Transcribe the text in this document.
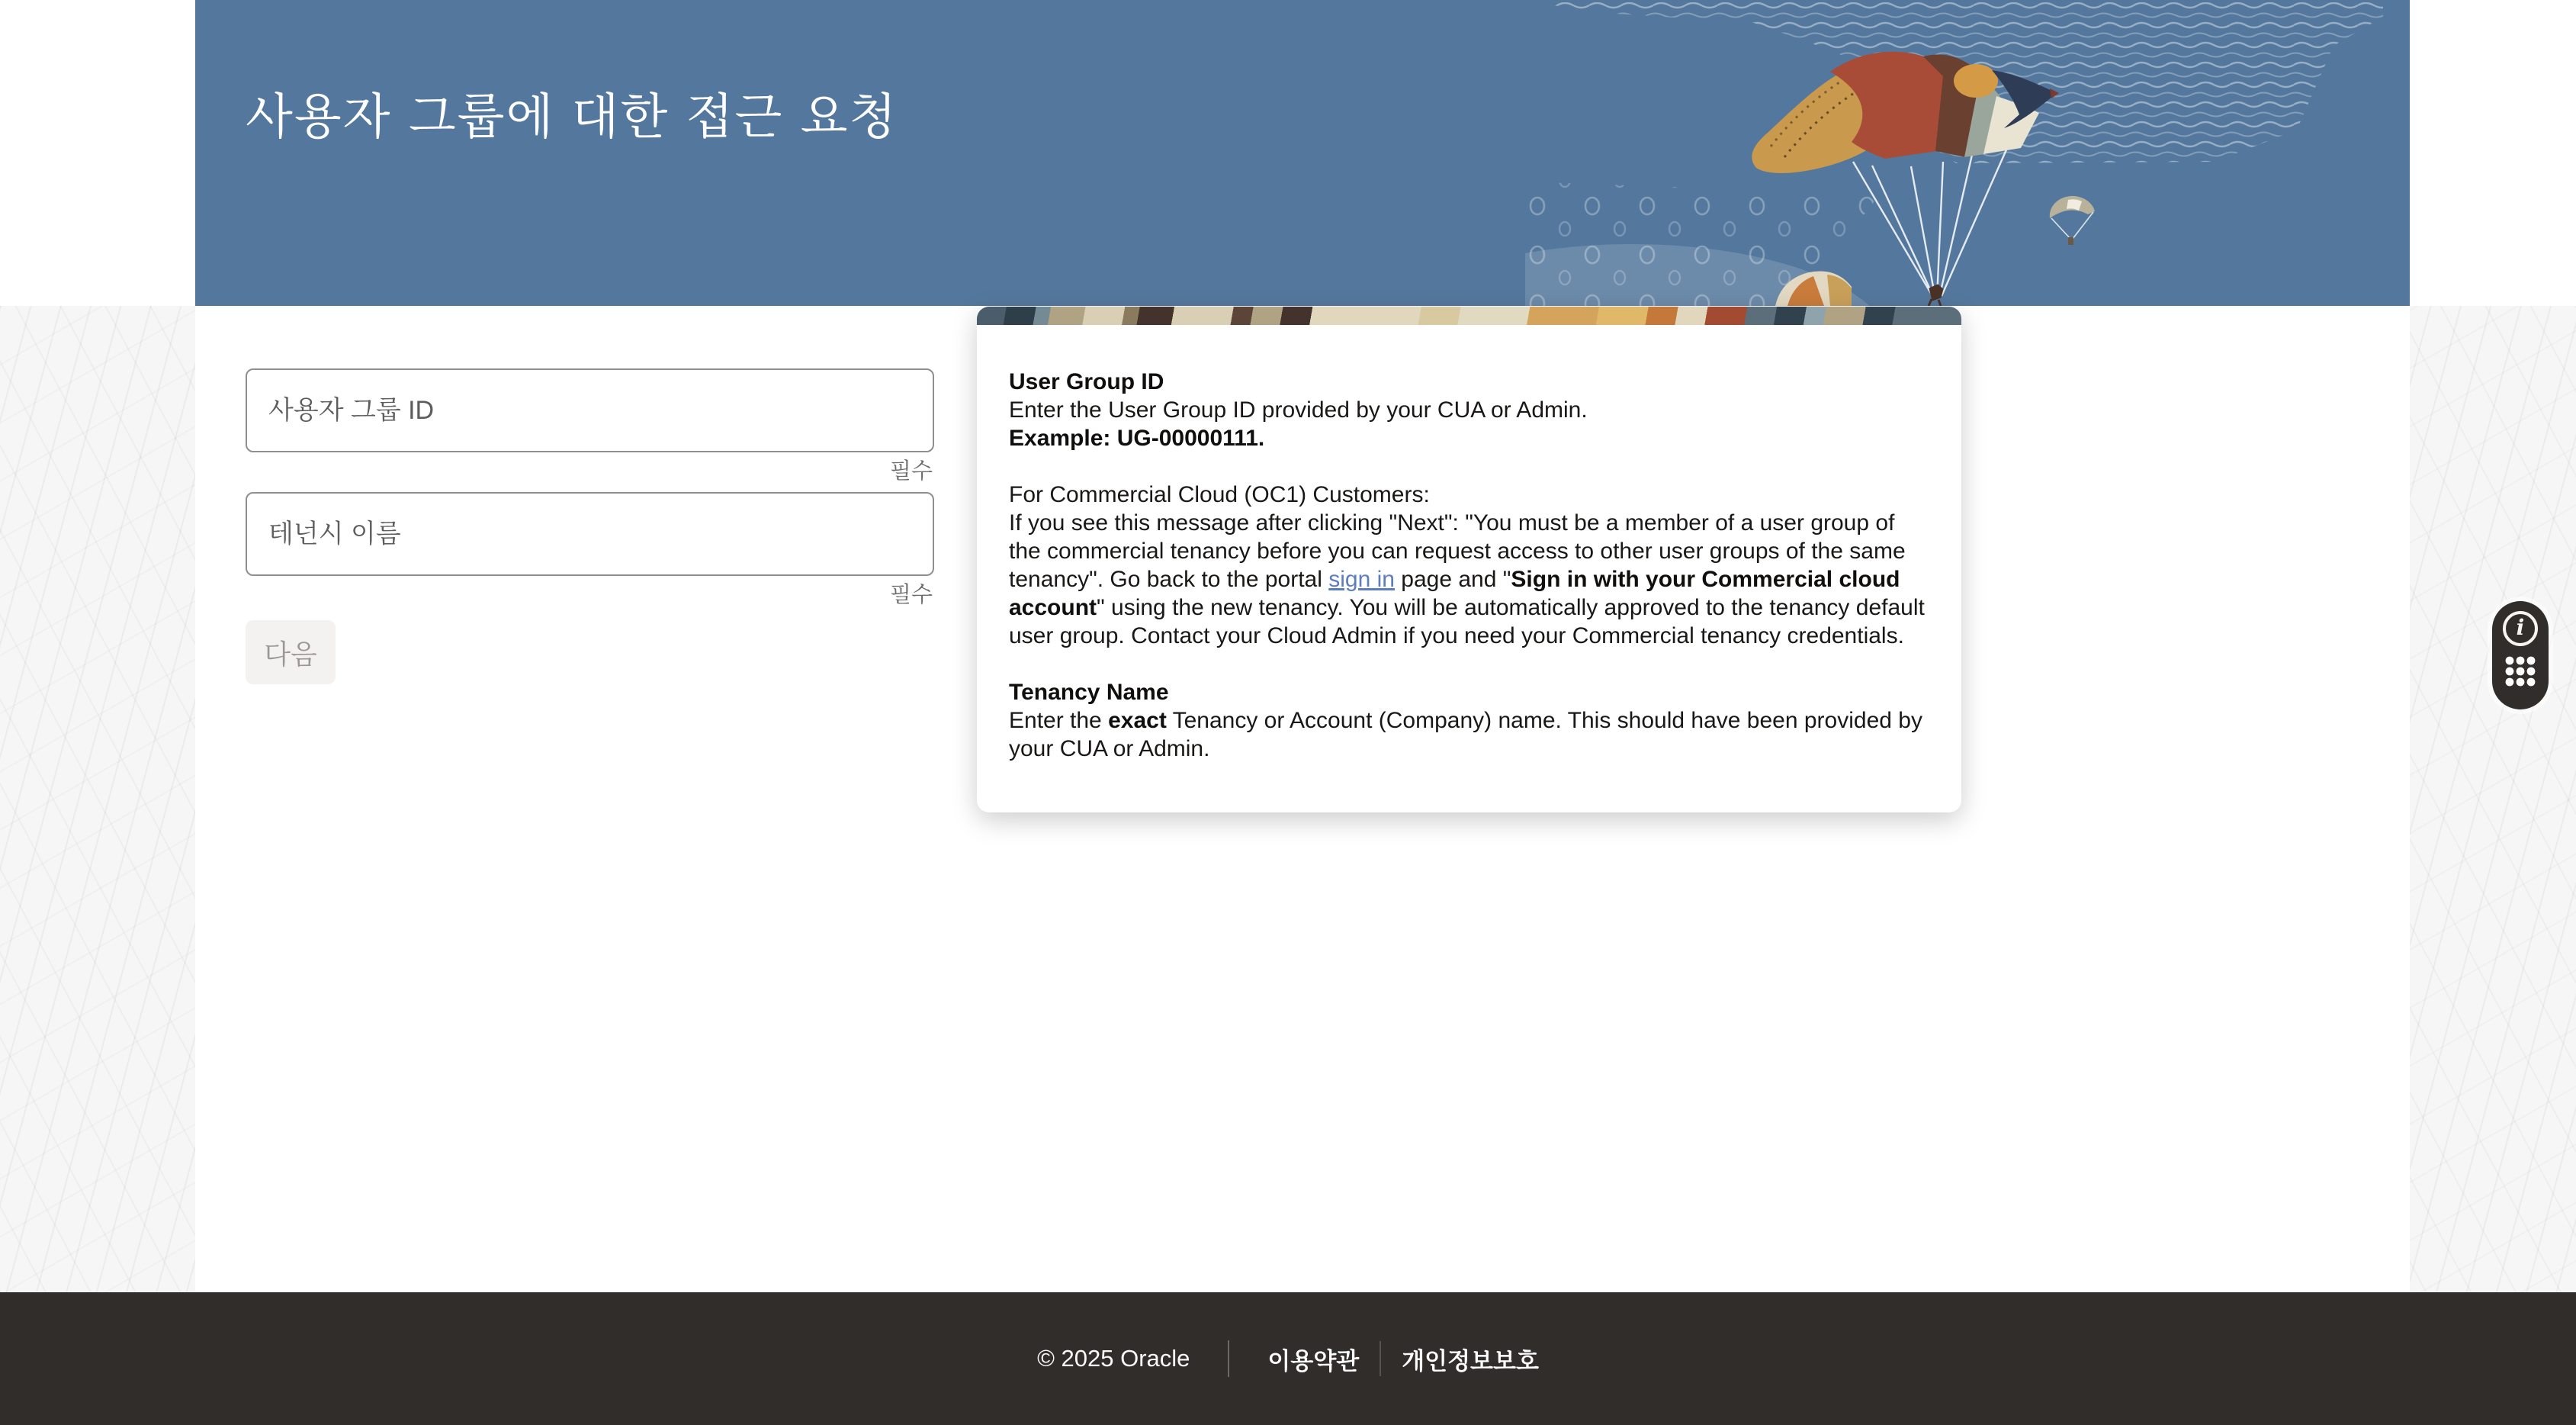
사용자 그룹에 대한 접근 요청
사용자 그룹 ID
필수
테넌시 이름
필수
다음

User Group ID
Enter the User Group ID provided by your CUA or Admin.
Example: UG-00000111.

For Commercial Cloud (OC1) Customers:
If you see this message after clicking "Next": "You must be a member of a user group of the commercial tenancy before you can request access to other user groups of the same tenancy". Go back to the portal sign in page and "Sign in with your Commercial cloud account" using the new tenancy. You will be automatically approved to the tenancy default user group. Contact your Cloud Admin if you need your Commercial tenancy credentials.

Tenancy Name
Enter the exact Tenancy or Account (Company) name. This should have been provided by your CUA or Admin.

i
© 2025 Oracle	이용약관 개인정보보호
